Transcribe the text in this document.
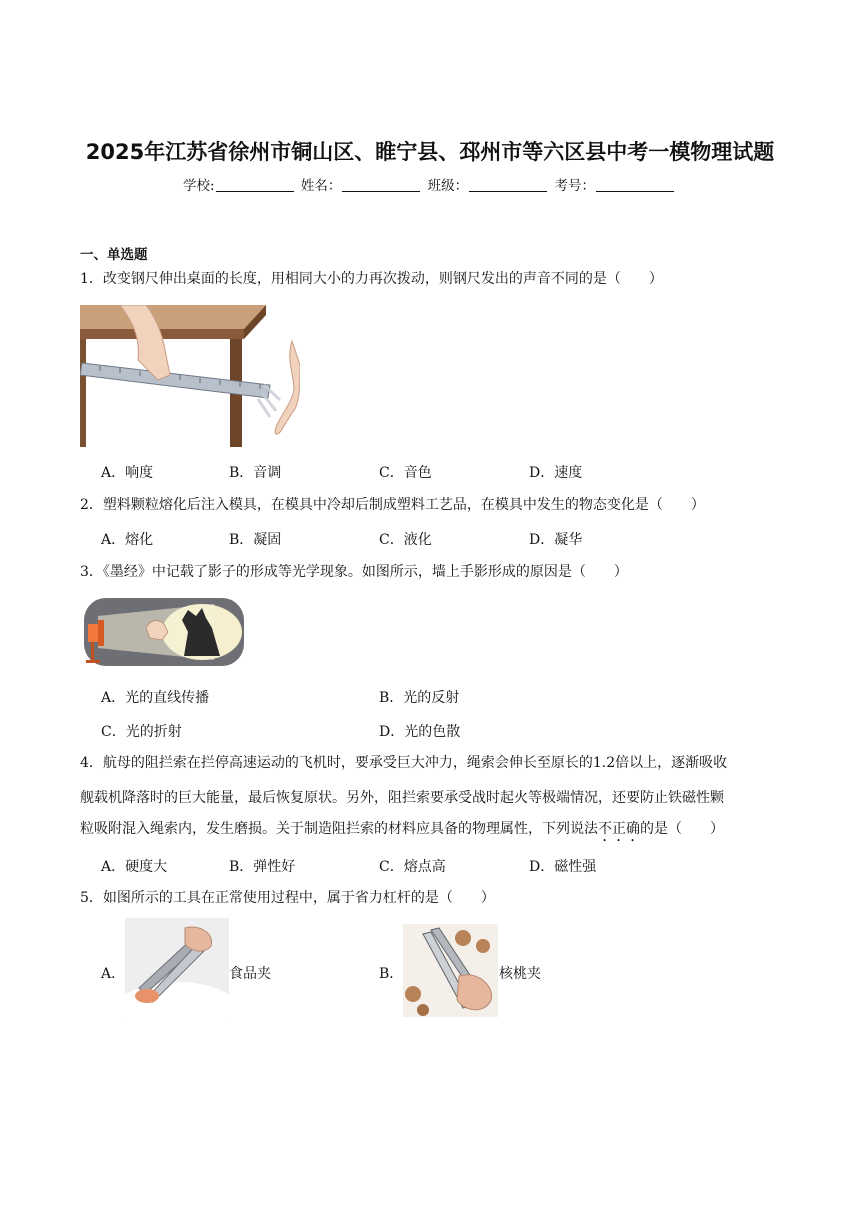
2025年江苏省徐州市铜山区、睢宁县、邳州市等六区县中考一模物理试题
学校:	姓名：	班级：	考号：
一、单选题
1．改变钢尺伸出桌面的长度，用相同大小的力再次拨动，则钢尺发出的声音不同的是（　　）
A．响度	B．音调	C．音色	D．速度
2．塑料颗粒熔化后注入模具，在模具中冷却后制成塑料工艺品，在模具中发生的物态变化是（　　）
A．熔化	B．凝固	C．液化	D．凝华
3．《墨经》中记载了影子的形成等光学现象。如图所示，墙上手影形成的原因是（　　）
A．光的直线传播	B．光的反射
C．光的折射	D．光的色散
4．航母的阻拦索在拦停高速运动的飞机时，要承受巨大冲力，绳索会伸长至原长的1.2倍以上，逐渐吸收
舰载机降落时的巨大能量，最后恢复原状。另外，阻拦索要承受战时起火等极端情况，还要防止铁磁性颗
粒吸附混入绳索内，发生磨损。关于制造阻拦索的材料应具备的物理属性，下列说法不正确的是（　　）
A．硬度大	B．弹性好	C．熔点高	D．磁性强
5．如图所示的工具在正常使用过程中，属于省力杠杆的是（　　）
A．	食品夹	B．	核桃夹
